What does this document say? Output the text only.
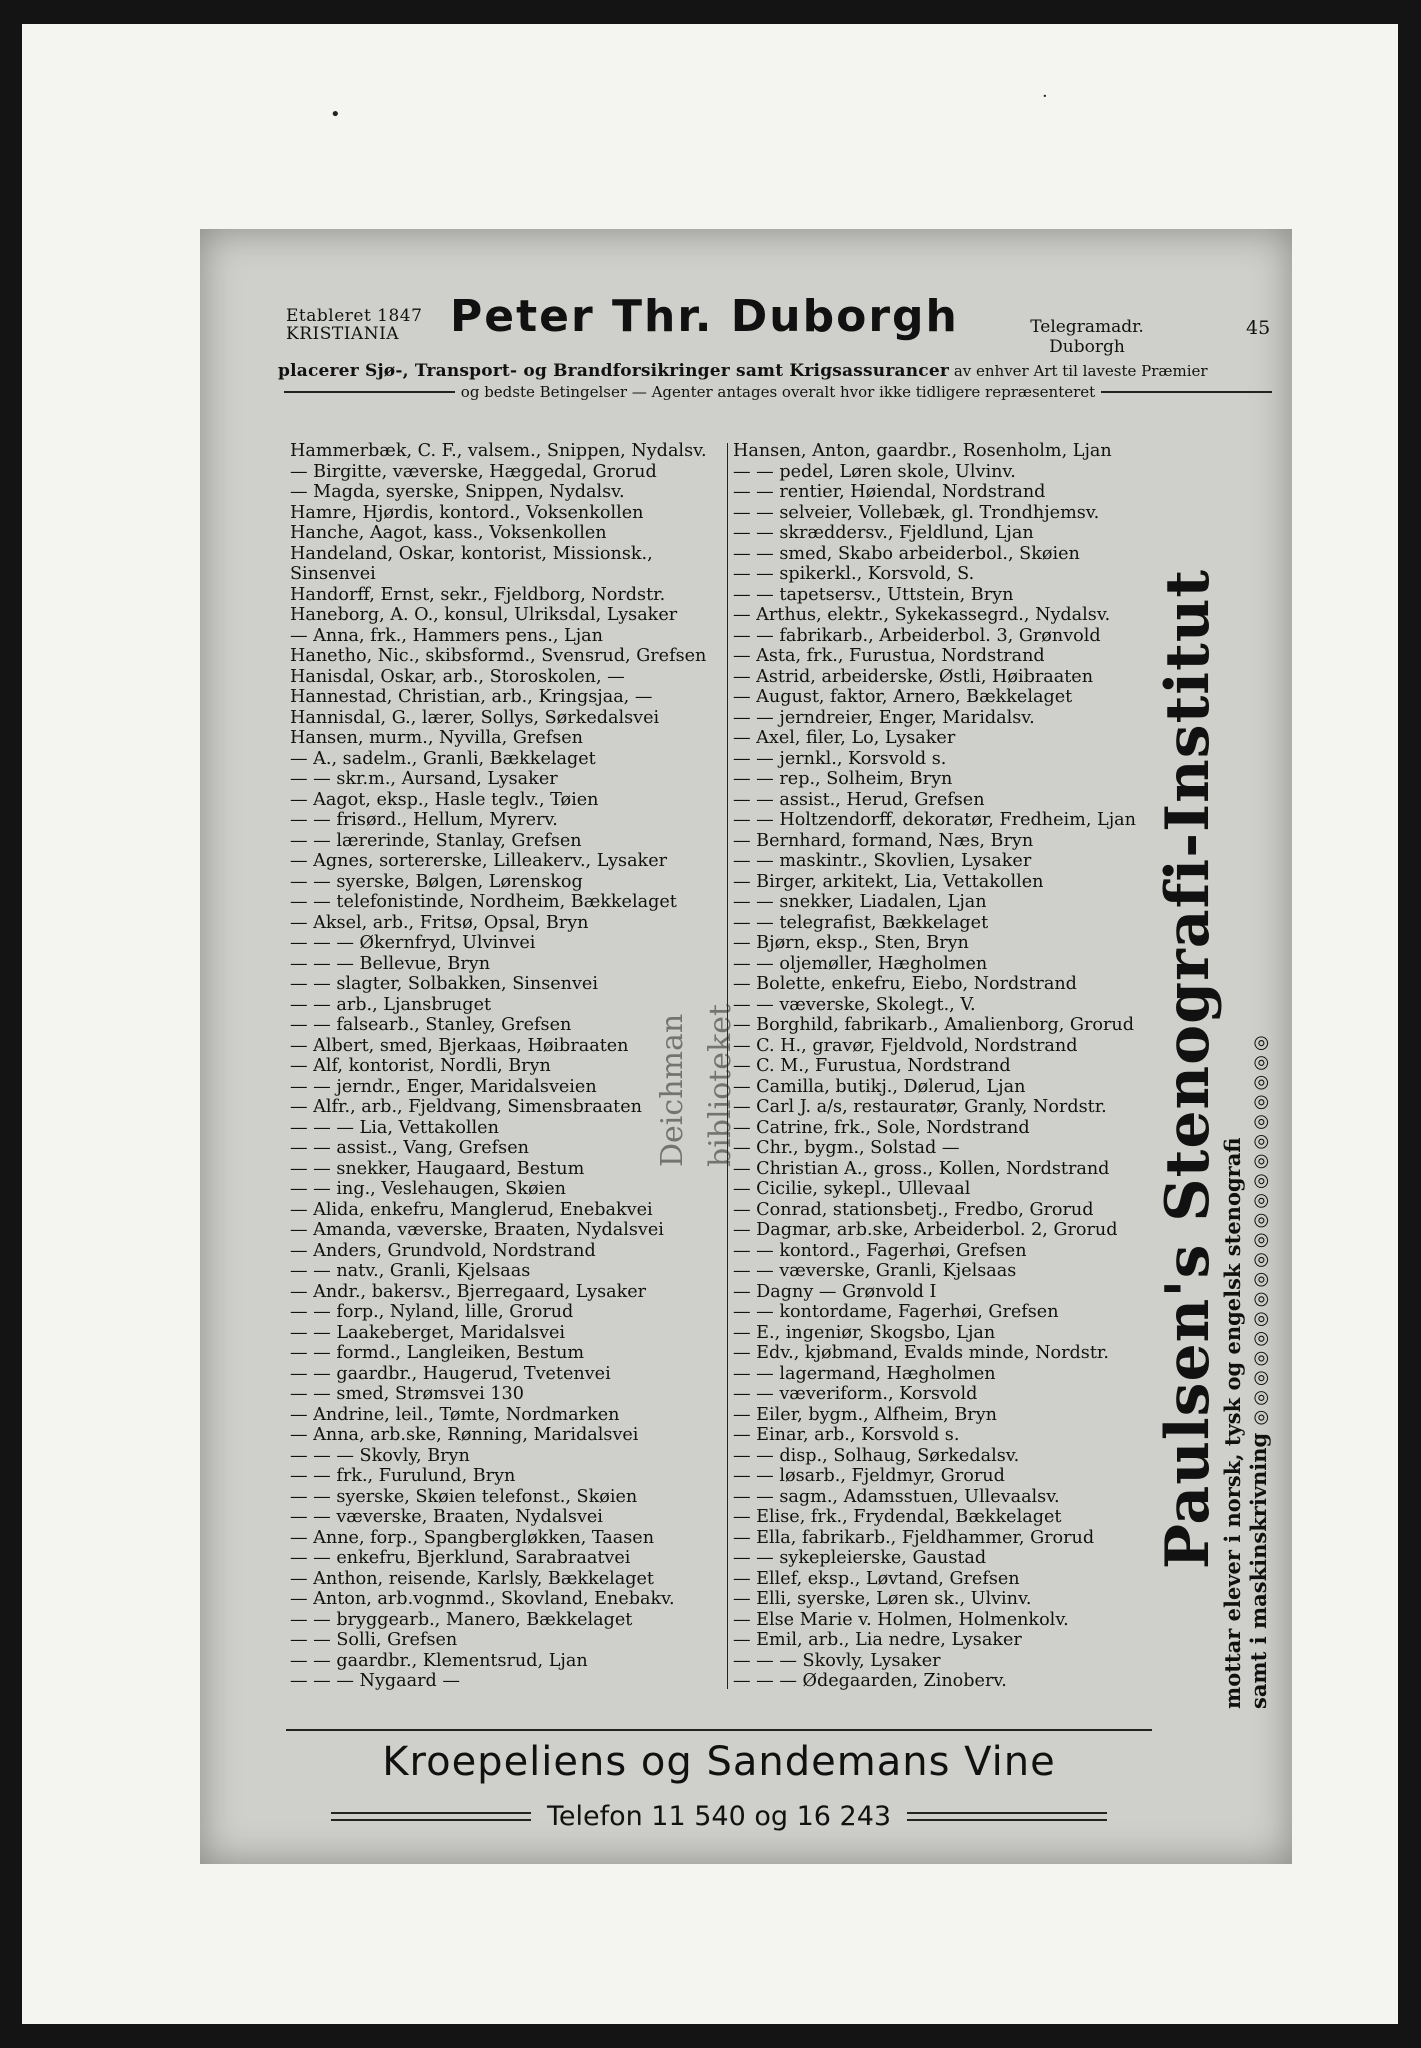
•
·
Etableret 1847
KRISTIANIA	Peter Thr. Duborgh	Telegramadr.
Duborgh
45
placerer Sjø-, Transport- og Brandforsikringer samt Krigsassurancer av enhver Art til laveste Præmier
og bedste Betingelser — Agenter antages overalt hvor ikke tidligere repræsenteret
Hammerbæk, C. F., valsem., Snippen, Nydalsv.
— Birgitte, væverske, Hæggedal, Grorud
— Magda, syerske, Snippen, Nydalsv.
Hamre, Hjørdis, kontord., Voksenkollen
Hanche, Aagot, kass., Voksenkollen
Handeland, Oskar, kontorist, Missionsk.,
Sinsenvei
Handorff, Ernst, sekr., Fjeldborg, Nordstr.
Haneborg, A. O., konsul, Ulriksdal, Lysaker
— Anna, frk., Hammers pens., Ljan
Hanetho, Nic., skibsformd., Svensrud, Grefsen
Hanisdal, Oskar, arb., Storoskolen, —
Hannestad, Christian, arb., Kringsjaa, —
Hannisdal, G., lærer, Sollys, Sørkedalsvei
Hansen, murm., Nyvilla, Grefsen
— A., sadelm., Granli, Bækkelaget
— — skr.m., Aursand, Lysaker
— Aagot, eksp., Hasle teglv., Tøien
— — frisørd., Hellum, Myrerv.
— — lærerinde, Stanlay, Grefsen
— Agnes, sortererske, Lilleakerv., Lysaker
— — syerske, Bølgen, Lørenskog
— — telefonistinde, Nordheim, Bækkelaget
— Aksel, arb., Fritsø, Opsal, Bryn
— — — Økernfryd, Ulvinvei
— — — Bellevue, Bryn
— — slagter, Solbakken, Sinsenvei
— — arb., Ljansbruget
— — falsearb., Stanley, Grefsen
— Albert, smed, Bjerkaas, Høibraaten
— Alf, kontorist, Nordli, Bryn
— — jerndr., Enger, Maridalsveien
— Alfr., arb., Fjeldvang, Simensbraaten
— — — Lia, Vettakollen
— — assist., Vang, Grefsen
— — snekker, Haugaard, Bestum
— — ing., Veslehaugen, Skøien
— Alida, enkefru, Manglerud, Enebakvei
— Amanda, væverske, Braaten, Nydalsvei
— Anders, Grundvold, Nordstrand
— — natv., Granli, Kjelsaas
— Andr., bakersv., Bjerregaard, Lysaker
— — forp., Nyland, lille, Grorud
— — Laakeberget, Maridalsvei
— — formd., Langleiken, Bestum
— — gaardbr., Haugerud, Tvetenvei
— — smed, Strømsvei 130
— Andrine, leil., Tømte, Nordmarken
— Anna, arb.ske, Rønning, Maridalsvei
— — — Skovly, Bryn
— — frk., Furulund, Bryn
— — syerske, Skøien telefonst., Skøien
— — væverske, Braaten, Nydalsvei
— Anne, forp., Spangbergløkken, Taasen
— — enkefru, Bjerklund, Sarabraatvei
— Anthon, reisende, Karlsly, Bækkelaget
— Anton, arb.vognmd., Skovland, Enebakv.
— — bryggearb., Manero, Bækkelaget
— — Solli, Grefsen
— — gaardbr., Klementsrud, Ljan
— — — Nygaard —
Hansen, Anton, gaardbr., Rosenholm, Ljan
— — pedel, Løren skole, Ulvinv.
— — rentier, Høiendal, Nordstrand
— — selveier, Vollebæk, gl. Trondhjemsv.
— — skræddersv., Fjeldlund, Ljan
— — smed, Skabo arbeiderbol., Skøien
— — spikerkl., Korsvold, S.
— — tapetsersv., Uttstein, Bryn
— Arthus, elektr., Sykekassegrd., Nydalsv.
— — fabrikarb., Arbeiderbol. 3, Grønvold
— Asta, frk., Furustua, Nordstrand
— Astrid, arbeiderske, Østli, Høibraaten
— August, faktor, Arnero, Bækkelaget
— — jerndreier, Enger, Maridalsv.
— Axel, filer, Lo, Lysaker
— — jernkl., Korsvold s.
— — rep., Solheim, Bryn
— — assist., Herud, Grefsen
— — Holtzendorff, dekoratør, Fredheim, Ljan
— Bernhard, formand, Næs, Bryn
— — maskintr., Skovlien, Lysaker
— Birger, arkitekt, Lia, Vettakollen
— — snekker, Liadalen, Ljan
— — telegrafist, Bækkelaget
— Bjørn, eksp., Sten, Bryn
— — oljemøller, Hægholmen
— Bolette, enkefru, Eiebo, Nordstrand
— — væverske, Skolegt., V.
— Borghild, fabrikarb., Amalienborg, Grorud
— C. H., gravør, Fjeldvold, Nordstrand
— C. M., Furustua, Nordstrand
— Camilla, butikj., Dølerud, Ljan
— Carl J. a/s, restauratør, Granly, Nordstr.
— Catrine, frk., Sole, Nordstrand
— Chr., bygm., Solstad —
— Christian A., gross., Kollen, Nordstrand
— Cicilie, sykepl., Ullevaal
— Conrad, stationsbetj., Fredbo, Grorud
— Dagmar, arb.ske, Arbeiderbol. 2, Grorud
— — kontord., Fagerhøi, Grefsen
— — væverske, Granli, Kjelsaas
— Dagny — Grønvold I
— — kontordame, Fagerhøi, Grefsen
— E., ingeniør, Skogsbo, Ljan
— Edv., kjøbmand, Evalds minde, Nordstr.
— — lagermand, Hægholmen
— — væveriform., Korsvold
— Eiler, bygm., Alfheim, Bryn
— Einar, arb., Korsvold s.
— — disp., Solhaug, Sørkedalsv.
— — løsarb., Fjeldmyr, Grorud
— — sagm., Adamsstuen, Ullevaalsv.
— Elise, frk., Frydendal, Bækkelaget
— Ella, fabrikarb., Fjeldhammer, Grorud
— — sykepleierske, Gaustad
— Ellef, eksp., Løvtand, Grefsen
— Elli, syerske, Løren sk., Ulvinv.
— Else Marie v. Holmen, Holmenkolv.
— Emil, arb., Lia nedre, Lysaker
— — — Skovly, Lysaker
— — — Ødegaarden, Zinoberv.
Deichman biblioteket	Paulsen's Stenografi-Institut
mottar elever i norsk, tysk og engelsk stenografi samt i maskinskrivning ◎◎◎◎◎◎◎◎◎◎◎◎◎◎◎◎◎◎◎◎
Kroepeliens og Sandemans Vine
Telefon 11 540 og 16 243
